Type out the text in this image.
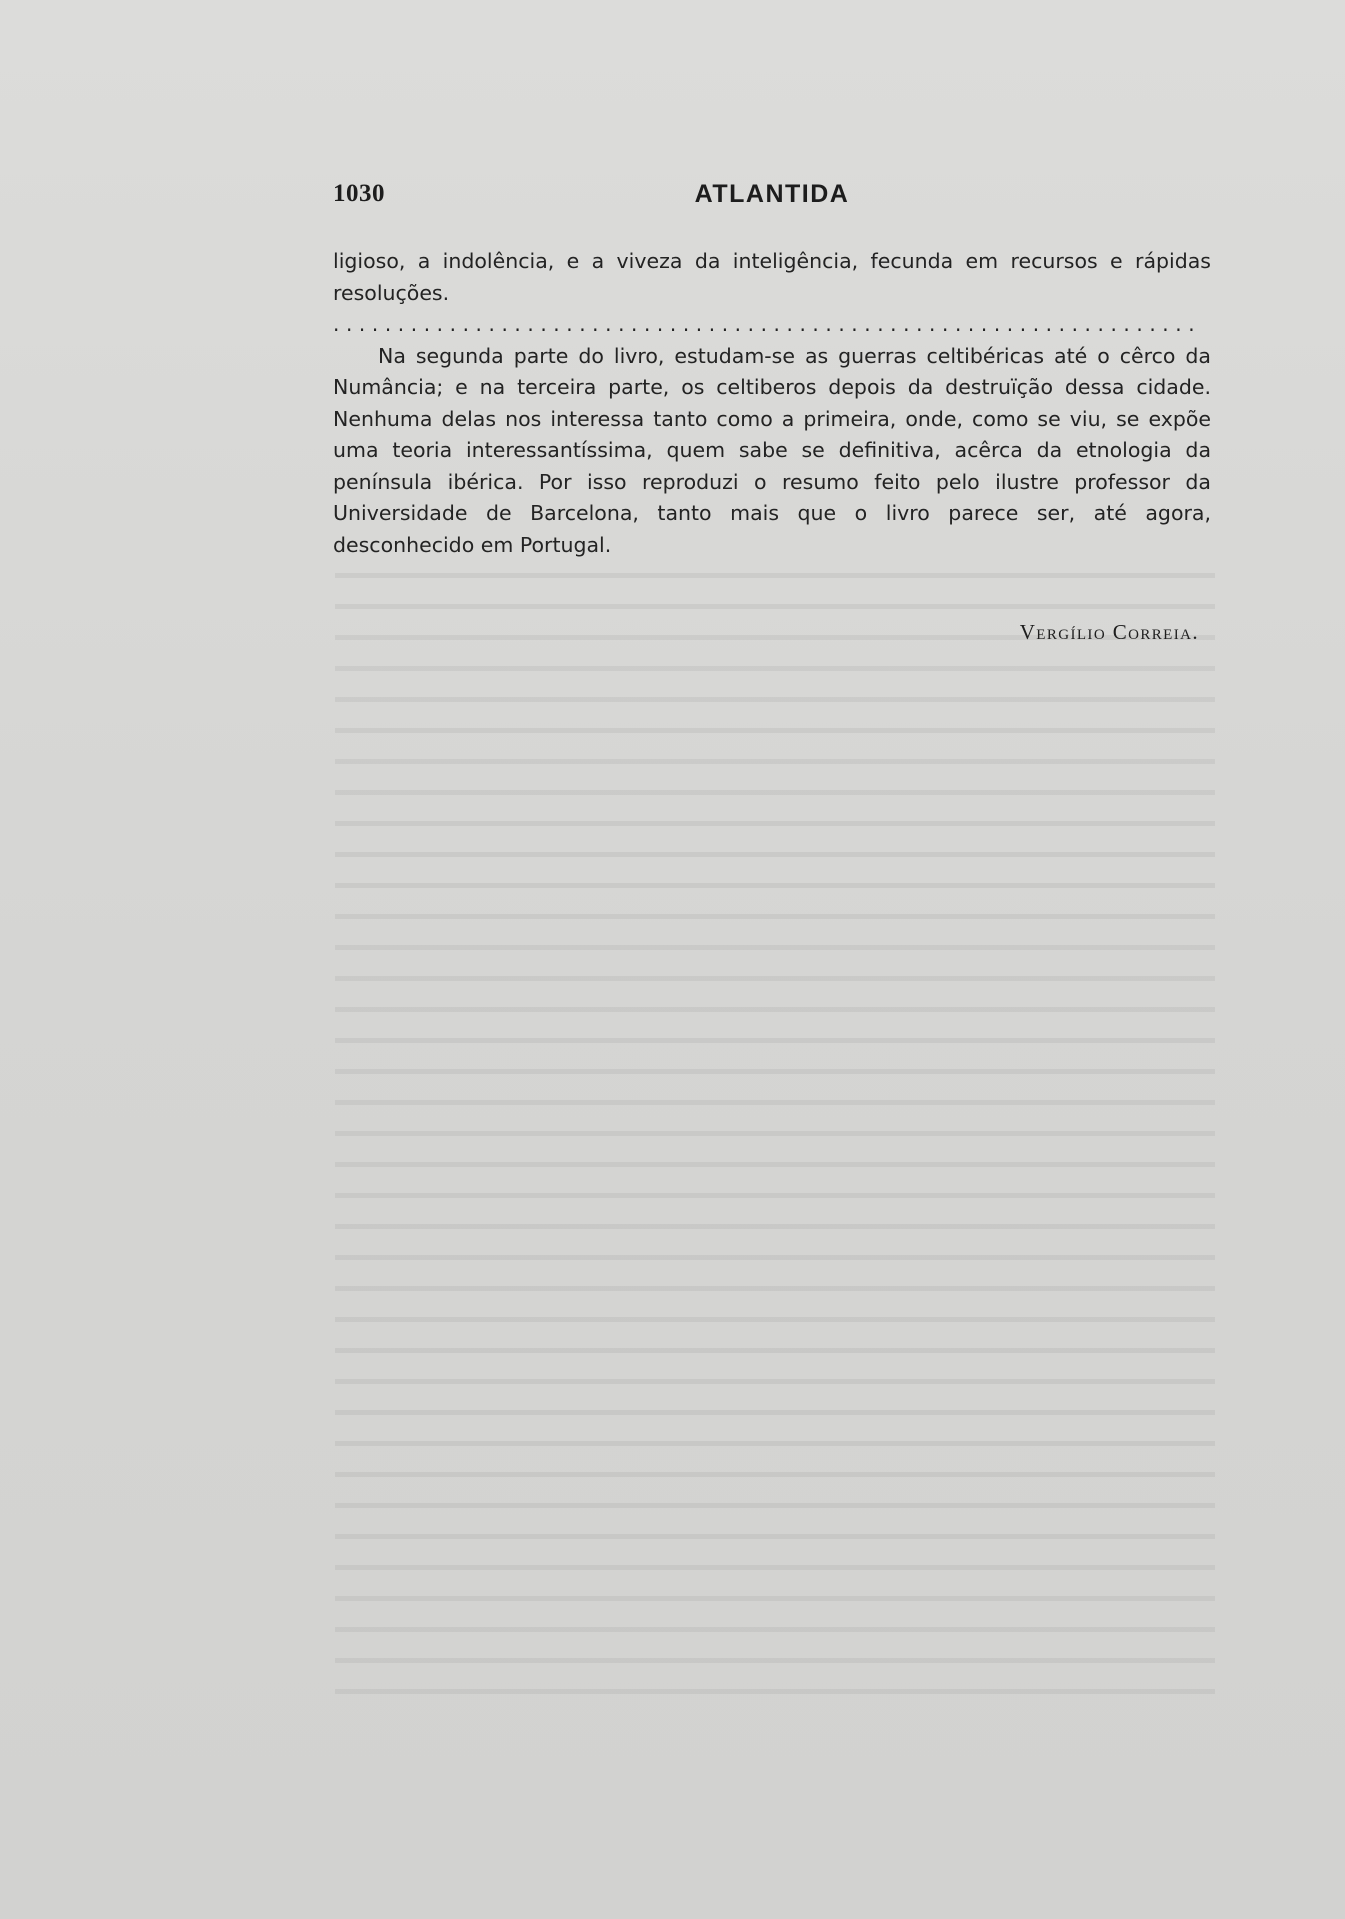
1030	ATLANTIDA

ligioso, a indolência, e a viveza da inteligência, fecunda em recursos e rápidas resoluções.

...................................................................

Na segunda parte do livro, estudam-se as guerras celtibéricas até o cêrco da Numância; e na terceira parte, os celtiberos depois da destruïção dessa cidade. Nenhuma delas nos interessa tanto como a primeira, onde, como se viu, se expõe uma teoria interessantíssima, quem sabe se definitiva, acêrca da etnologia da península ibérica. Por isso reproduzi o resumo feito pelo ilustre professor da Universidade de Barcelona, tanto mais que o livro parece ser, até agora, desconhecido em Portugal.

Vergílio Correia.
